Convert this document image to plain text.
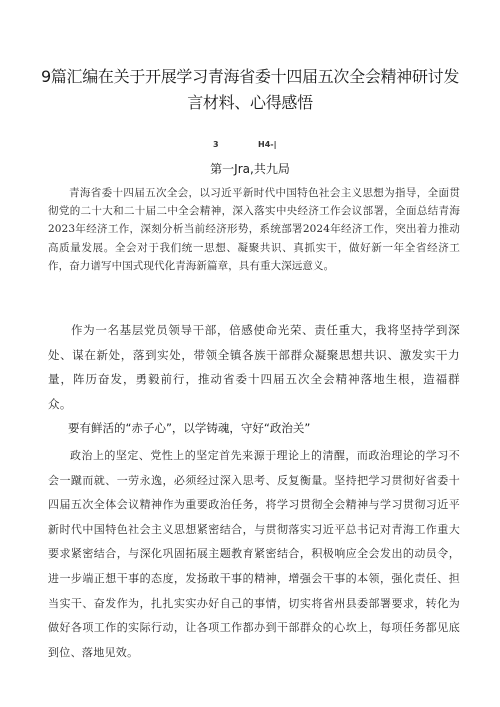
9篇汇编在关于开展学习青海省委十四届五次全会精神研讨发言材料、心得感悟
3	H4-|
第一Jra,共九局

青海省委十四届五次全会，以习近平新时代中国特色社会主义思想为指导，全面贯彻党的二十大和二十届二中全会精神，深入落实中央经济工作会议部署，全面总结青海2023年经济工作，深刻分析当前经济形势，系统部署2024年经济工作，突出着力推动高质量发展。全会对于我们统一思想、凝聚共识、真抓实干，做好新一年全省经济工作，奋力谱写中国式现代化青海新篇章，具有重大深远意义。

作为一名基层党员领导干部，倍感使命光荣、责任重大，我将坚持学到深处、谋在新处，落到实处，带领全镇各族干部群众凝聚思想共识、激发实干力量，阵历奋发，勇毅前行，推动省委十四届五次全会精神落地生根，造福群众。

要有鲜活的“赤子心”，以学铸魂，守好“政治关”

政治上的坚定、党性上的坚定首先来源于理论上的清醒，而政治理论的学习不会一蹴而就、一劳永逸，必须经过深入思考、反复衡量。坚持把学习贯彻好省委十四届五次全体会议精神作为重要政治任务，将学习贯彻全会精神与学习贯彻习近平新时代中国特色社会主义思想紧密结合，与贯彻落实习近平总书记对青海工作重大要求紧密结合，与深化巩固拓展主题教育紧密结合，积极响应全会发出的动员令，进一步端正想干事的态度，发扬敢干事的精神，增强会干事的本领，强化责任、担当实干、奋发作为，扎扎实实办好自己的事情，切实将省州县委部署要求，转化为做好各项工作的实际行动，让各项工作都办到干部群众的心坎上，每项任务都见底到位、落地见效。
